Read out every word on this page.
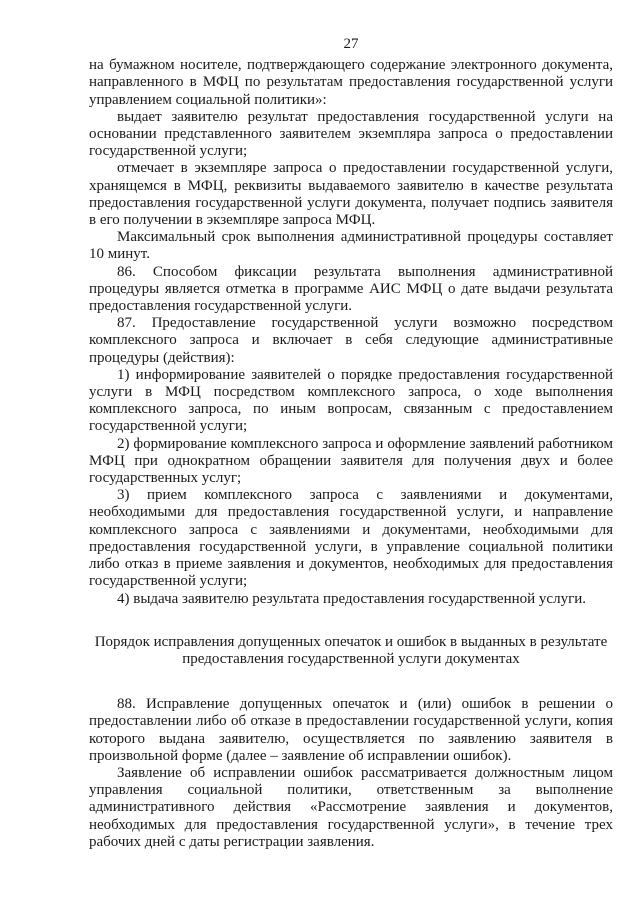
27

на бумажном носителе, подтверждающего содержание электронного документа, направленного в МФЦ по результатам предоставления государственной услуги управлением социальной политики»:

выдает заявителю результат предоставления государственной услуги на основании представленного заявителем экземпляра запроса о предоставлении государственной услуги;

отмечает в экземпляре запроса о предоставлении государственной услуги, хранящемся в МФЦ, реквизиты выдаваемого заявителю в качестве результата предоставления государственной услуги документа, получает подпись заявителя в его получении в экземпляре запроса МФЦ.

Максимальный срок выполнения административной процедуры составляет 10 минут.

86. Способом фиксации результата выполнения административной процедуры является отметка в программе АИС МФЦ о дате выдачи результата предоставления государственной услуги.

87. Предоставление государственной услуги возможно посредством комплексного запроса и включает в себя следующие административные процедуры (действия):

1) информирование заявителей о порядке предоставления государственной услуги в МФЦ посредством комплексного запроса, о ходе выполнения комплексного запроса, по иным вопросам, связанным с предоставлением государственной услуги;

2) формирование комплексного запроса и оформление заявлений работником МФЦ при однократном обращении заявителя для получения двух и более государственных услуг;

3) прием комплексного запроса с заявлениями и документами, необходимыми для предоставления государственной услуги, и направление комплексного запроса с заявлениями и документами, необходимыми для предоставления государственной услуги, в управление социальной политики либо отказ в приеме заявления и документов, необходимых для предоставления государственной услуги;

4) выдача заявителю результата предоставления государственной услуги.

Порядок исправления допущенных опечаток и ошибок в выданных в результате
предоставления государственной услуги документах

88. Исправление допущенных опечаток и (или) ошибок в решении о предоставлении либо об отказе в предоставлении государственной услуги, копия которого выдана заявителю, осуществляется по заявлению заявителя в произвольной форме (далее – заявление об исправлении ошибок).

Заявление об исправлении ошибок рассматривается должностным лицом управления социальной политики, ответственным за выполнение административного действия «Рассмотрение заявления и документов, необходимых для предоставления государственной услуги», в течение трех рабочих дней с даты регистрации заявления.
